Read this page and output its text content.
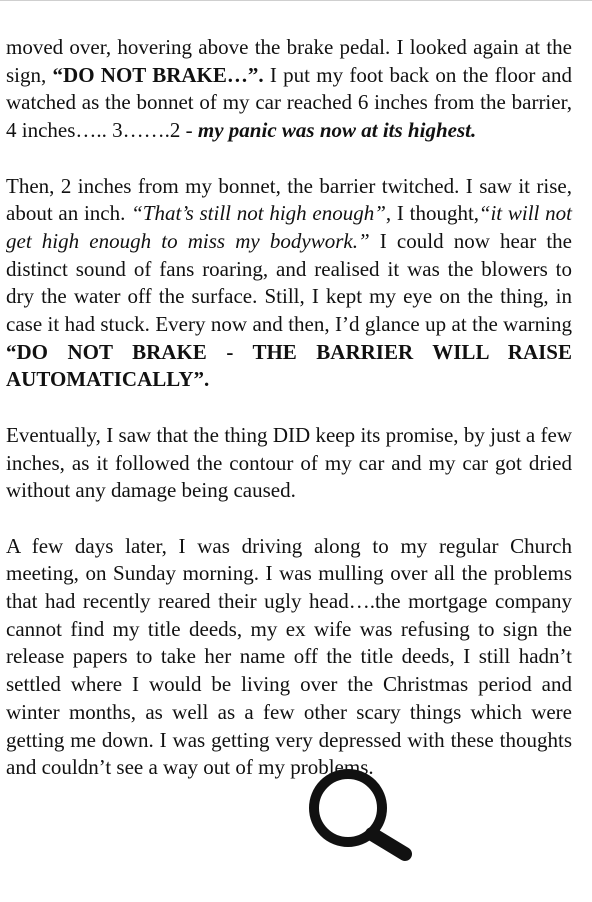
moved over, hovering above the brake pedal. I looked again at the sign, “DO NOT BRAKE…”. I put my foot back on the floor and watched as the bonnet of my car reached 6 inches from the barrier, 4 inches….. 3…….2 - my panic was now at its highest.

Then, 2 inches from my bonnet, the barrier twitched. I saw it rise, about an inch. “That’s still not high enough”, I thought, “it will not get high enough to miss my bodywork.” I could now hear the distinct sound of fans roaring, and realised it was the blowers to dry the water off the surface. Still, I kept my eye on the thing, in case it had stuck. Every now and then, I’d glance up at the warning “DO NOT BRAKE - THE BARRIER WILL RAISE AUTOMATICALLY”.

Eventually, I saw that the thing DID keep its promise, by just a few inches, as it followed the contour of my car and my car got dried without any damage being caused.

A few days later, I was driving along to my regular Church meeting, on Sunday morning. I was mulling over all the problems that had recently reared their ugly head….the mortgage company cannot find my title deeds, my ex wife was refusing to sign the release papers to take her name off the title deeds, I still hadn’t settled where I would be living over the Christmas period and winter months, as well as a few other scary things which were getting me down. I was getting very depressed with these thoughts and couldn’t see a way out of my problems.
